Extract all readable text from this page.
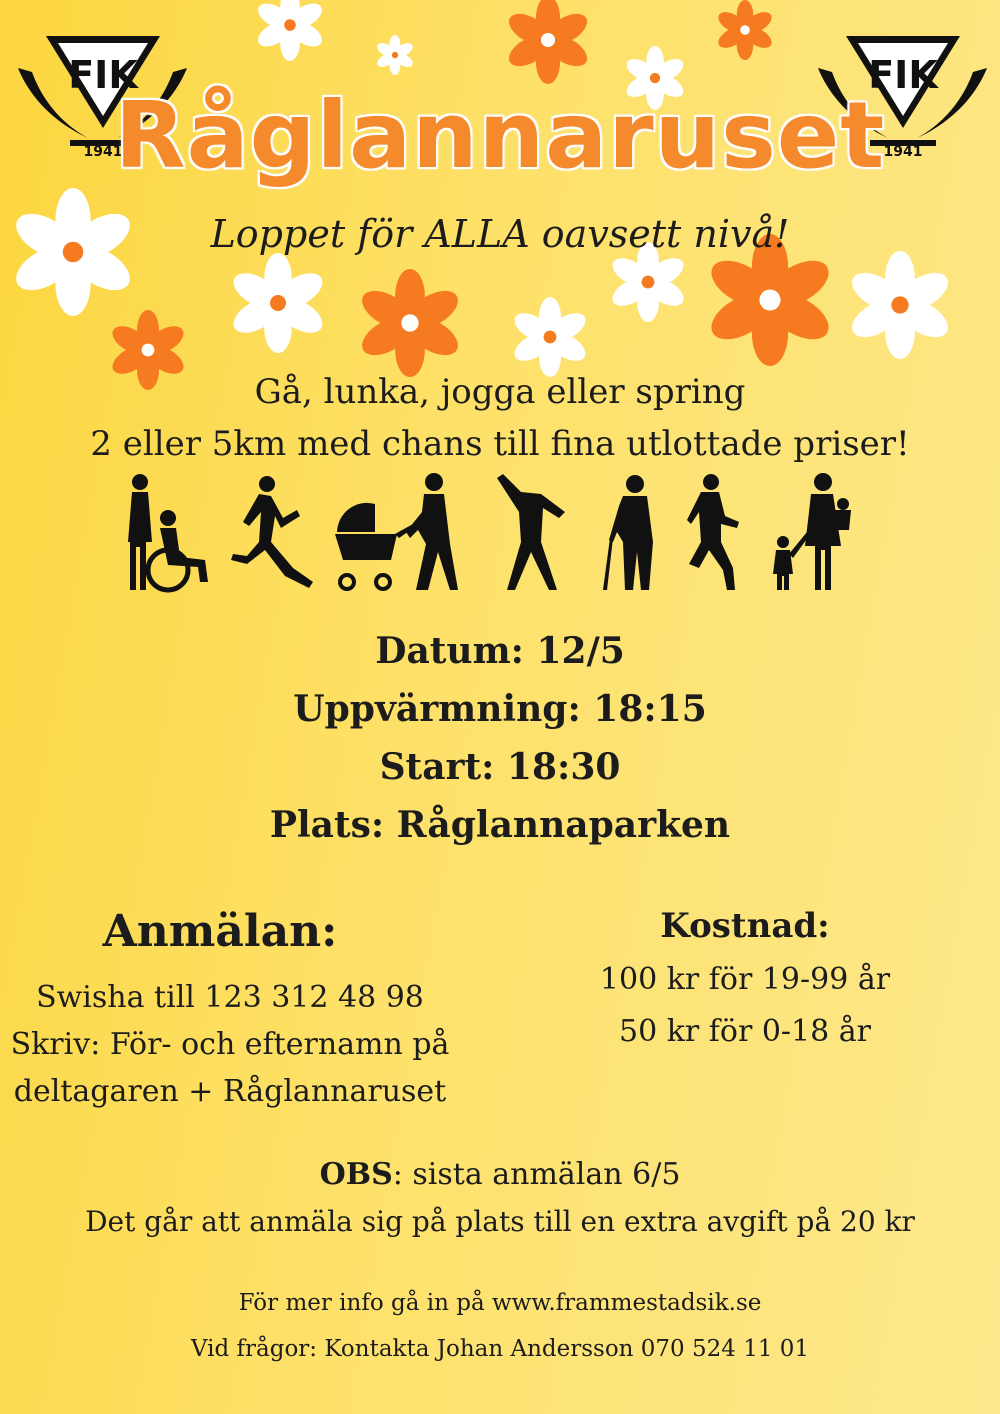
FIK
1941
FIK
1941
Råglannaruset
Loppet för ALLA oavsett nivå!
Gå, lunka, jogga eller spring
2 eller 5km med chans till fina utlottade priser!
Datum: 12/5
Uppvärmning: 18:15
Start: 18:30
Plats: Råglannaparken
Anmälan:
Swisha till 123 312 48 98
Skriv: För- och efternamn på
deltagaren + Råglannaruset
Kostnad:
100 kr för 19-99 år
50 kr för 0-18 år
OBS: sista anmälan 6/5
Det går att anmäla sig på plats till en extra avgift på 20 kr
För mer info gå in på www.frammestadsik.se
Vid frågor: Kontakta Johan Andersson 070 524 11 01
